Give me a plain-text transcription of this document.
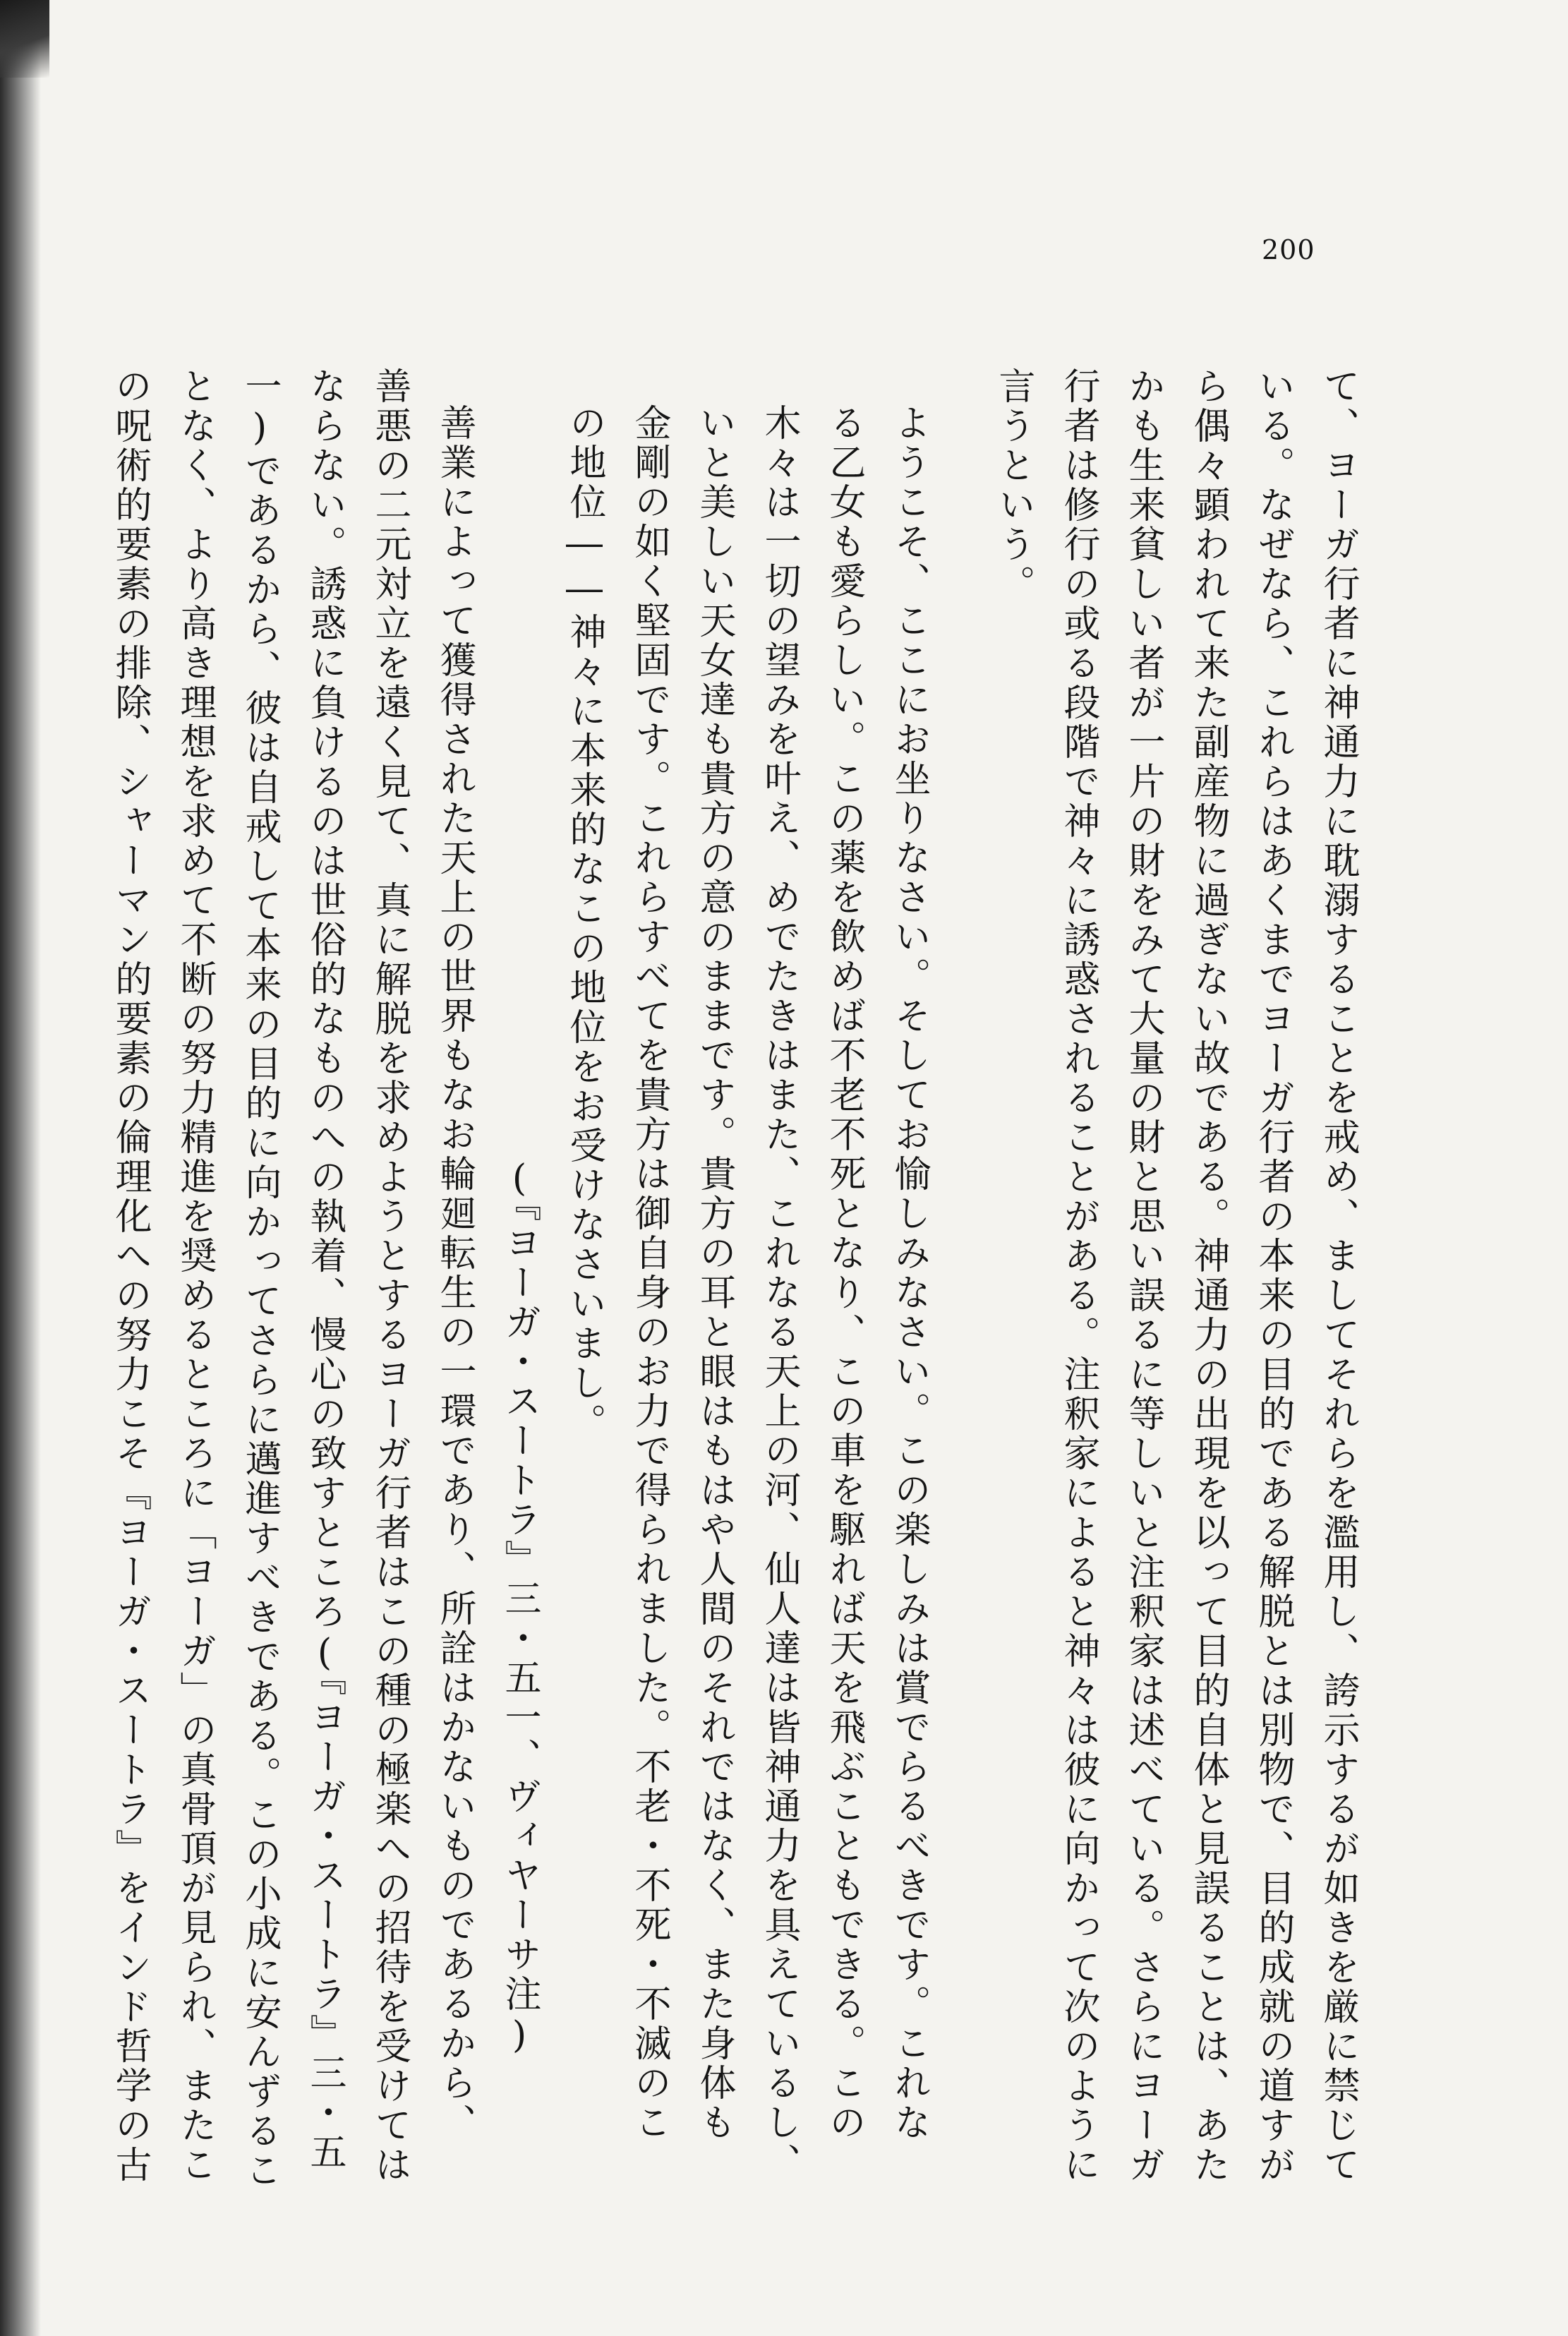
200
て、ヨーガ行者に神通力に耽溺することを戒め、ましてそれらを濫用し、誇示するが如きを厳に禁じて
いる。なぜなら、これらはあくまでヨーガ行者の本来の目的である解脱とは別物で、目的成就の道すが
ら偶々顕われて来た副産物に過ぎない故である。神通力の出現を以って目的自体と見誤ることは、あた
かも生来貧しい者が一片の財をみて大量の財と思い誤るに等しいと注釈家は述べている。さらにヨーガ
行者は修行の或る段階で神々に誘惑されることがある。注釈家によると神々は彼に向かって次のように
言うという。
ようこそ、ここにお坐りなさい。そしてお愉しみなさい。この楽しみは賞でらるべきです。これな
る乙女も愛らしい。この薬を飲めば不老不死となり、この車を駆れば天を飛ぶこともできる。この
木々は一切の望みを叶え、めでたきはまた、これなる天上の河、仙人達は皆神通力を具えているし、
いと美しい天女達も貴方の意のままです。貴方の耳と眼はもはや人間のそれではなく、また身体も
金剛の如く堅固です。これらすべてを貴方は御自身のお力で得られました。不老・不死・不滅のこ
の地位――神々に本来的なこの地位をお受けなさいまし。
(『ヨーガ・スートラ』三・五一、ヴィヤーサ注)
善業によって獲得された天上の世界もなお輪廻転生の一環であり、所詮はかないものであるから、
善悪の二元対立を遠く見て、真に解脱を求めようとするヨーガ行者はこの種の極楽への招待を受けては
ならない。誘惑に負けるのは世俗的なものへの執着、慢心の致すところ(『ヨーガ・スートラ』三・五
一)であるから、彼は自戒して本来の目的に向かってさらに邁進すべきである。この小成に安んずるこ
となく、より高き理想を求めて不断の努力精進を奨めるところに「ヨーガ」の真骨頂が見られ、またこ
の呪術的要素の排除、シャーマン的要素の倫理化への努力こそ『ヨーガ・スートラ』をインド哲学の古
